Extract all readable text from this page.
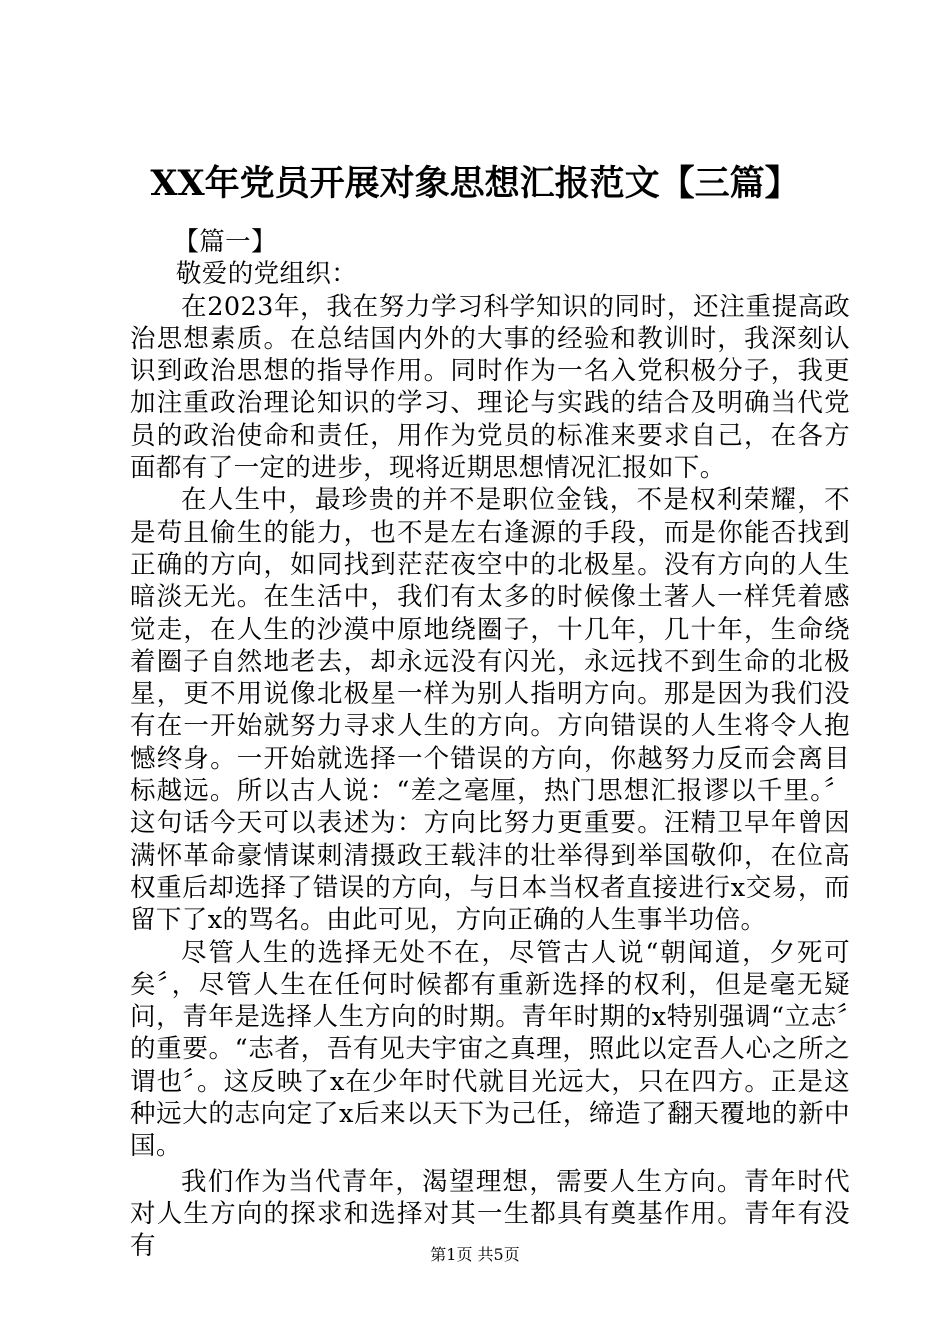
XX年党员开展对象思想汇报范文【三篇】

【篇一】

敬爱的党组织：

在2023年，我在努力学习科学知识的同时，还注重提高政治思想素质。在总结国内外的大事的经验和教训时，我深刻认识到政治思想的指导作用。同时作为一名入党积极分子，我更加注重政治理论知识的学习、理论与实践的结合及明确当代党员的政治使命和责任，用作为党员的标准来要求自己，在各方面都有了一定的进步，现将近期思想情况汇报如下。

在人生中，最珍贵的并不是职位金钱，不是权利荣耀，不是苟且偷生的能力，也不是左右逢源的手段，而是你能否找到正确的方向，如同找到茫茫夜空中的北极星。没有方向的人生暗淡无光。在生活中，我们有太多的时候像土著人一样凭着感觉走，在人生的沙漠中原地绕圈子，十几年，几十年，生命绕着圈子自然地老去，却永远没有闪光，永远找不到生命的北极星，更不用说像北极星一样为别人指明方向。那是因为我们没有在一开始就努力寻求人生的方向。方向错误的人生将令人抱憾终身。一开始就选择一个错误的方向，你越努力反而会离目标越远。所以古人说：“差之毫厘，热门思想汇报谬以千里。〞这句话今天可以表述为：方向比努力更重要。汪精卫早年曾因满怀革命豪情谋刺清摄政王载沣的壮举得到举国敬仰，在位高权重后却选择了错误的方向，与日本当权者直接进行x交易，而留下了x的骂名。由此可见，方向正确的人生事半功倍。

尽管人生的选择无处不在，尽管古人说“朝闻道，夕死可矣〞，尽管人生在任何时候都有重新选择的权利，但是毫无疑问，青年是选择人生方向的时期。青年时期的x特别强调“立志〞的重要。“志者，吾有见夫宇宙之真理，照此以定吾人心之所之谓也〞。这反映了x在少年时代就目光远大，只在四方。正是这种远大的志向定了x后来以天下为己任，缔造了翻天覆地的新中国。

我们作为当代青年，渴望理想，需要人生方向。青年时代对人生方向的探求和选择对其一生都具有奠基作用。青年有没有	第1页 共5页
